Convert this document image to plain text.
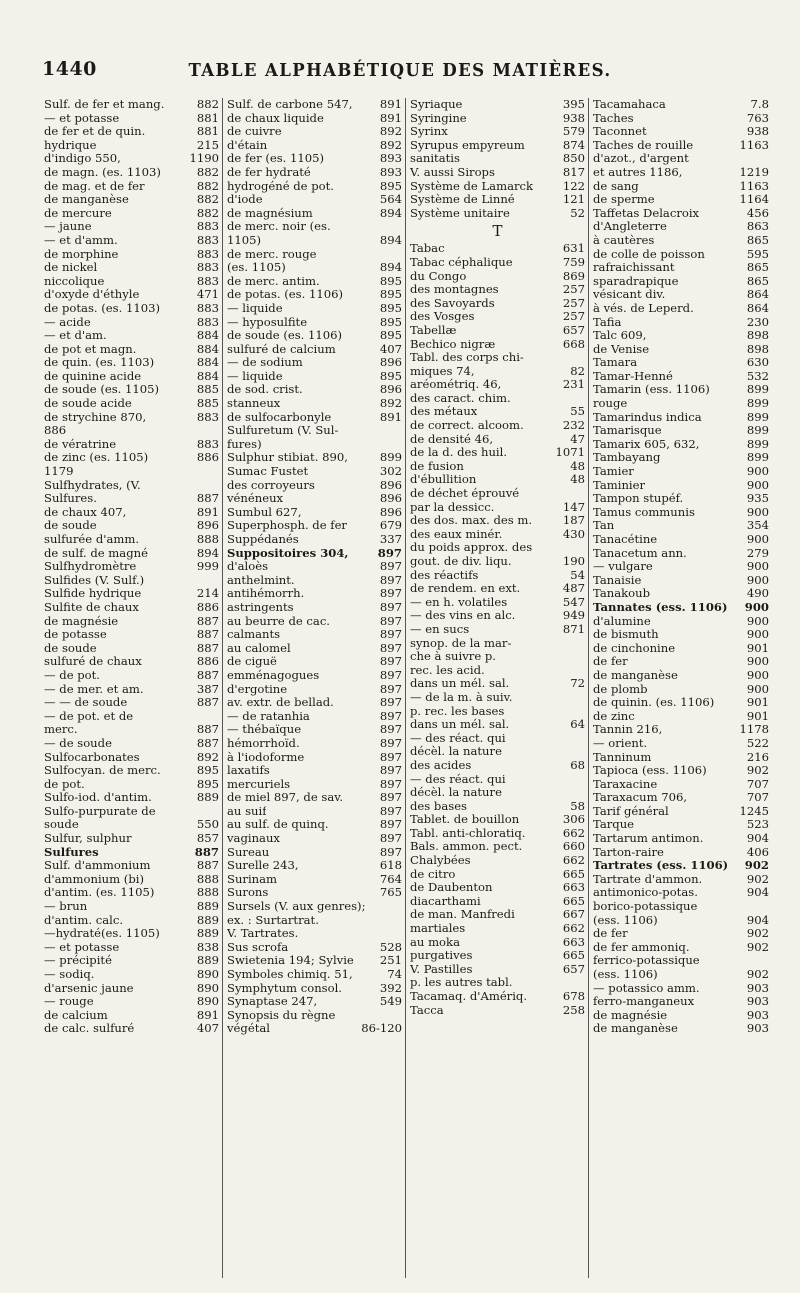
1440	TABLE ALPHABÉTIQUE DES MATIÈRES.
Sulf. de fer et mang.	882
— et potasse	881
de fer et de quin.	881
hydrique	215
d'indigo 550,	1190
de magn. (es. 1103)	882
de mag. et de fer	882
de manganèse	882
de mercure	882
— jaune	883
— et d'amm.	883
de morphine	883
de nickel	883
niccolique	883
d'oxyde d'éthyle	471
de potas. (es. 1103)	883
— acide	883
— et d'am.	884
de pot et magn.	884
de quin. (es. 1103)	884
de quinine acide	884
de soude (es. 1105)	885
de soude acide	885
de strychine 870,	883
886
de vératrine	883
de zinc (es. 1105)	886
1179
Sulfhydrates, (V.
Sulfures.	887
de chaux 407,	891
de soude	896
sulfurée d'amm.	888
de sulf. de magné	894
Sulfhydromètre	999
Sulfides (V. Sulf.)
Sulfide hydrique	214
Sulfite de chaux	886
de magnésie	887
de potasse	887
de soude	887
sulfuré de chaux	886
— de pot.	887
— de mer. et am.	387
— — de soude	887
— de pot. et de
merc.	887
— de soude	887
Sulfocarbonates	892
Sulfocyan. de merc.	895
de pot.	895
Sulfo-iod. d'antim.	889
Sulfo-purpurate de
soude	550
Sulfur, sulphur	857
Sulfures	887
Sulf. d'ammonium	887
d'ammonium (bi)	888
d'antim. (es. 1105)	888
— brun	889
d'antim. calc.	889
—hydraté(es. 1105)	889
— et potasse	838
— précipité	889
— sodiq.	890
d'arsenic jaune	890
— rouge	890
de calcium	891
de calc. sulfuré	407
Sulf. de carbone 547, 891
de chaux liquide	891
de cuivre	892
d'étain	892
de fer (es. 1105)	893
de fer hydraté	893
hydrogéné de pot.	895
d'iode	564
de magnésium	894
de merc. noir (es.
1105)	894
de merc. rouge
(es. 1105)	894
de merc. antim.	895
de potas. (es. 1106)	895
— liquide	895
— hyposulfite	895
de soude (es. 1106)	895
sulfuré de calcium	407
— de sodium	896
— liquide	895
de sod. crist.	896
stanneux	892
de sulfocarbonyle	891
Sulfuretum (V. Sul-
fures)
Sulphur stibiat. 890,	899
Sumac Fustet	302
des corroyeurs	896
vénéneux	896
Sumbul 627,	896
Superphosph. de fer	679
Suppédanés	337
Suppositoires 304,	897
d'aloès	897
anthelmint.	897
antihémorrh.	897
astringents	897
au beurre de cac.	897
calmants	897
au calomel	897
de ciguë	897
emménagogues	897
d'ergotine	897
av. extr. de bellad.	897
— de ratanhia	897
— thébaïque	897
hémorrhoïd.	897
à l'iodoforme	897
laxatifs	897
mercuriels	897
de miel 897, de sav.	897
au suif	897
au sulf. de quinq.	897
vaginaux	897
Sureau	897
Surelle 243,	618
Surinam	764
Surons	765
Sursels (V. aux genres);
ex. : Surtartrat.
V. Tartrates.
Sus scrofa	528
Swietenia 194; Sylvie 251
Symboles chimiq. 51,	74
Symphytum consol.	392
Synaptase 247,	549
Synopsis du règne
végétal	86-120
Syriaque	395
Syringine	938
Syrinx	579
Syrupus empyreum	874
sanitatis	850
V. aussi Sirops	817
Système de Lamarck	122
Système de Linné	121
Système unitaire	52
T
Tabac	631
Tabac céphalique	759
du Congo	869
des montagnes	257
des Savoyards	257
des Vosges	257
Tabellæ	657
Bechico nigræ	668
Tabl. des corps chi-
miques 74,	82
aréométriq. 46,	231
des caract. chim.
des métaux	55
de correct. alcoom.	232
de densité 46,	47
de la d. des huil.	1071
de fusion	48
d'ébullition	48
de déchet éprouvé
par la dessicc.	147
des dos. max. des m.	187
des eaux minér.	430
du poids approx. des
gout. de div. liqu.	190
des réactifs	54
de rendem. en ext.	487
— en h. volatiles	547
— des vins en alc.	949
— en sucs	871
synop. de la mar-
che à suivre p.
rec. les acid.
dans un mél. sal.	72
— de la m. à suiv.
p. rec. les bases
dans un mél. sal.	64
— des réact. qui
décèl. la nature
des acides	68
— des réact. qui
décèl. la nature
des bases	58
Tablet. de bouillon	306
Tabl. anti-chloratiq.	662
Bals. ammon. pect.	660
Chalybées	662
de citro	665
de Daubenton	663
diacarthami	665
de man. Manfredi	667
martiales	662
au moka	663
purgatives	665
V. Pastilles	657
p. les autres tabl.
Tacamaq. d'Amériq.	678
Tacca	258
Tacamahaca	7.8
Taches	763
Taconnet	938
Taches de rouille	1163
d'azot., d'argent
et autres 1186,	1219
de sang	1163
de sperme	1164
Taffetas Delacroix	456
d'Angleterre	863
à cautères	865
de colle de poisson	595
rafraichissant	865
sparadrapique	865
vésicant div.	864
à vés. de Leperd.	864
Tafia	230
Talc 609,	898
de Venise	898
Tamara	630
Tamar-Henné	532
Tamarin (ess. 1106)	899
rouge	899
Tamarindus indica	899
Tamarisque	899
Tamarix 605, 632,	899
Tambayang	899
Tamier	900
Taminier	900
Tampon stupéf.	935
Tamus communis	900
Tan	354
Tanacétine	900
Tanacetum ann.	279
— vulgare	900
Tanaisie	900
Tanakoub	490
Tannates (ess. 1106) 900
d'alumine	900
de bismuth	900
de cinchonine	901
de fer	900
de manganèse	900
de plomb	900
de quinin. (es. 1106)	901
de zinc	901
Tannin 216,	1178
— orient.	522
Tanninum	216
Tapioca (ess. 1106)	902
Taraxacine	707
Taraxacum 706,	707
Tarif général	1245
Tarque	523
Tartarum antimon.	904
Tarton-raire	406
Tartrates (ess. 1106) 902
Tartrate d'ammon.	902
antimonico-potas.	904
borico-potassique
(ess. 1106)	904
de fer	902
de fer ammoniq.	902
ferrico-potassique
(ess. 1106)	902
— potassico amm.	903
ferro-manganeux	903
de magnésie	903
de manganèse	903
